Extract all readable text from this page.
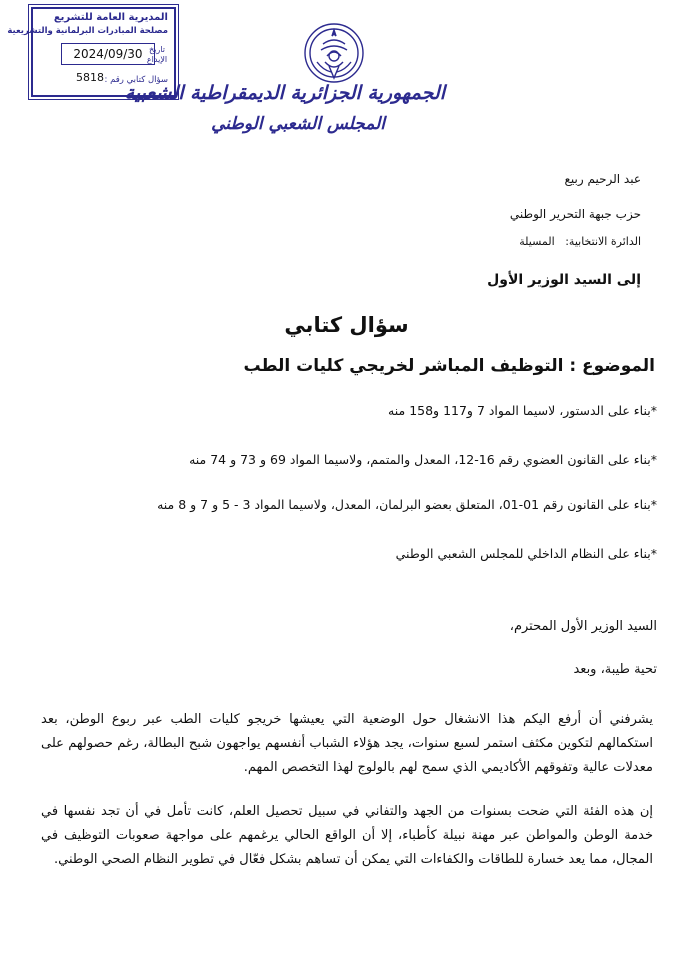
المديرية العامة للتشريع
مصلحة المبادرات البرلمانية والتشريعية
تاريخ الإيداع
2024/09/30
5818 سؤال كتابي رقم :
الجمهورية الجزائرية الديمقراطية الشعبية
المجلس الشعبي الوطني
عبد الرحيم ربيع
حزب جبهة التحرير الوطني
الدائرة الانتخابية:   المسيلة
إلى السيد الوزير الأول
سؤال كتابي
الموضوع : التوظيف المباشر لخريجي كليات الطب
*بناء على الدستور، لاسيما المواد 7 و117 و158 منه
*بناء على القانون العضوي رقم 16-12، المعدل والمتمم، ولاسيما المواد 69 و 73 و 74 منه
*بناء على القانون رقم 01-01، المتعلق بعضو البرلمان، المعدل، ولاسيما المواد 3 - 5 و 7 و 8 منه
*بناء على النظام الداخلي للمجلس الشعبي الوطني
السيد الوزير الأول المحترم،
تحية طيبة، وبعد
يشرفني أن أرفع اليكم هذا الانشغال حول الوضعية التي يعيشها خريجو كليات الطب عبر ربوع الوطن، بعد استكمالهم لتكوين مكثف استمر لسبع سنوات، يجد هؤلاء الشباب أنفسهم يواجهون شبح البطالة، رغم حصولهم على معدلات عالية وتفوقهم الأكاديمي الذي سمح لهم بالولوج لهذا التخصص المهم.
إن هذه الفئة التي ضحت بسنوات من الجهد والتفاني في سبيل تحصيل العلم، كانت تأمل في أن تجد نفسها في خدمة الوطن والمواطن عبر مهنة نبيلة كأطباء، إلا أن الواقع الحالي يرغمهم على مواجهة صعوبات التوظيف في المجال، مما يعد خسارة للطاقات والكفاءات التي يمكن أن تساهم بشكل فعّال في تطوير النظام الصحي الوطني.
